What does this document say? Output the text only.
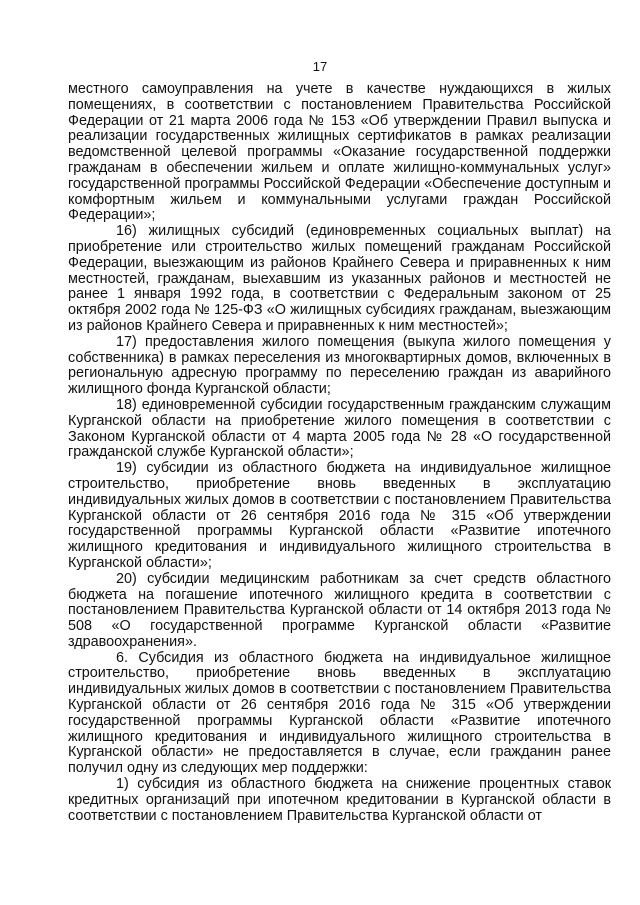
17

местного самоуправления на учете в качестве нуждающихся в жилых помещениях, в соответствии с постановлением Правительства Российской Федерации от 21 марта 2006 года № 153 «Об утверждении Правил выпуска и реализации государственных жилищных сертификатов в рамках реализации ведомственной целевой программы «Оказание государственной поддержки гражданам в обеспечении жильем и оплате жилищно-коммунальных услуг» государственной программы Российской Федерации «Обеспечение доступным и комфортным жильем и коммунальными услугами граждан Российской Федерации»;

16) жилищных субсидий (единовременных социальных выплат) на приобретение или строительство жилых помещений гражданам Российской Федерации, выезжающим из районов Крайнего Севера и приравненных к ним местностей, гражданам, выехавшим из указанных районов и местностей не ранее 1 января 1992 года, в соответствии с Федеральным законом от 25 октября 2002 года № 125-ФЗ «О жилищных субсидиях гражданам, выезжающим из районов Крайнего Севера и приравненных к ним местностей»;

17) предоставления жилого помещения (выкупа жилого помещения у собственника) в рамках переселения из многоквартирных домов, включенных в региональную адресную программу по переселению граждан из аварийного жилищного фонда Курганской области;

18) единовременной субсидии государственным гражданским служащим Курганской области на приобретение жилого помещения в соответствии с Законом Курганской области от 4 марта 2005 года № 28 «О государственной гражданской службе Курганской области»;

19) субсидии из областного бюджета на индивидуальное жилищное строительство, приобретение вновь введенных в эксплуатацию индивидуальных жилых домов в соответствии с постановлением Правительства Курганской области от 26 сентября 2016 года № 315 «Об утверждении государственной программы Курганской области «Развитие ипотечного жилищного кредитования и индивидуального жилищного строительства в Курганской области»;

20) субсидии медицинским работникам за счет средств областного бюджета на погашение ипотечного жилищного кредита в соответствии с постановлением Правительства Курганской области от 14 октября 2013 года № 508 «О государственной программе Курганской области «Развитие здравоохранения».

6. Субсидия из областного бюджета на индивидуальное жилищное строительство, приобретение вновь введенных в эксплуатацию индивидуальных жилых домов в соответствии с постановлением Правительства Курганской области от 26 сентября 2016 года № 315 «Об утверждении государственной программы Курганской области «Развитие ипотечного жилищного кредитования и индивидуального жилищного строительства в Курганской области» не предоставляется в случае, если гражданин ранее получил одну из следующих мер поддержки:

1) субсидия из областного бюджета на снижение процентных ставок кредитных организаций при ипотечном кредитовании в Курганской области в соответствии с постановлением Правительства Курганской области от
